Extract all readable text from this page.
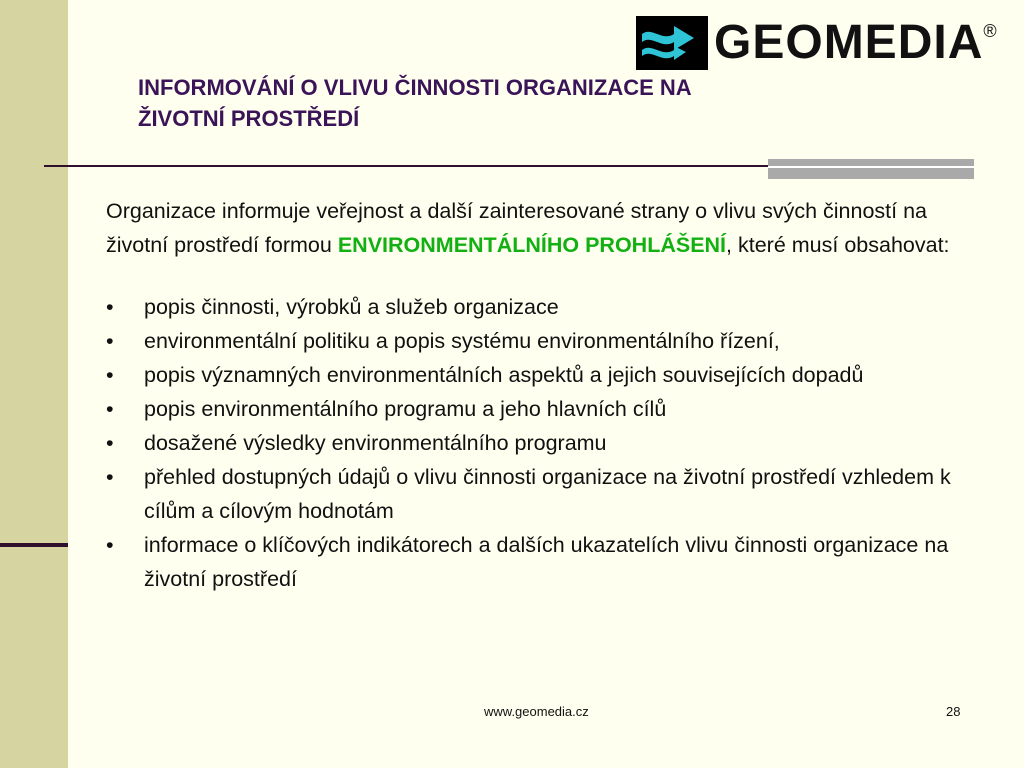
GEOMEDIA®
INFORMOVÁNÍ O VLIVU ČINNOSTI ORGANIZACE NA
ŽIVOTNÍ PROSTŘEDÍ

Organizace informuje veřejnost a další zainteresované strany o vlivu svých činností na životní prostředí formou ENVIRONMENTÁLNÍHO PROHLÁŠENÍ, které musí obsahovat:

• popis činnosti, výrobků a služeb organizace
• environmentální politiku a popis systému environmentálního řízení,
• popis významných environmentálních aspektů a jejich souvisejících dopadů
• popis environmentálního programu a jeho hlavních cílů
• dosažené výsledky environmentálního programu
• přehled dostupných údajů o vlivu činnosti organizace na životní prostředí vzhledem k cílům a cílovým hodnotám
• informace o klíčových indikátorech a dalších ukazatelích vlivu činnosti organizace na životní prostředí
www.geomedia.cz	28
